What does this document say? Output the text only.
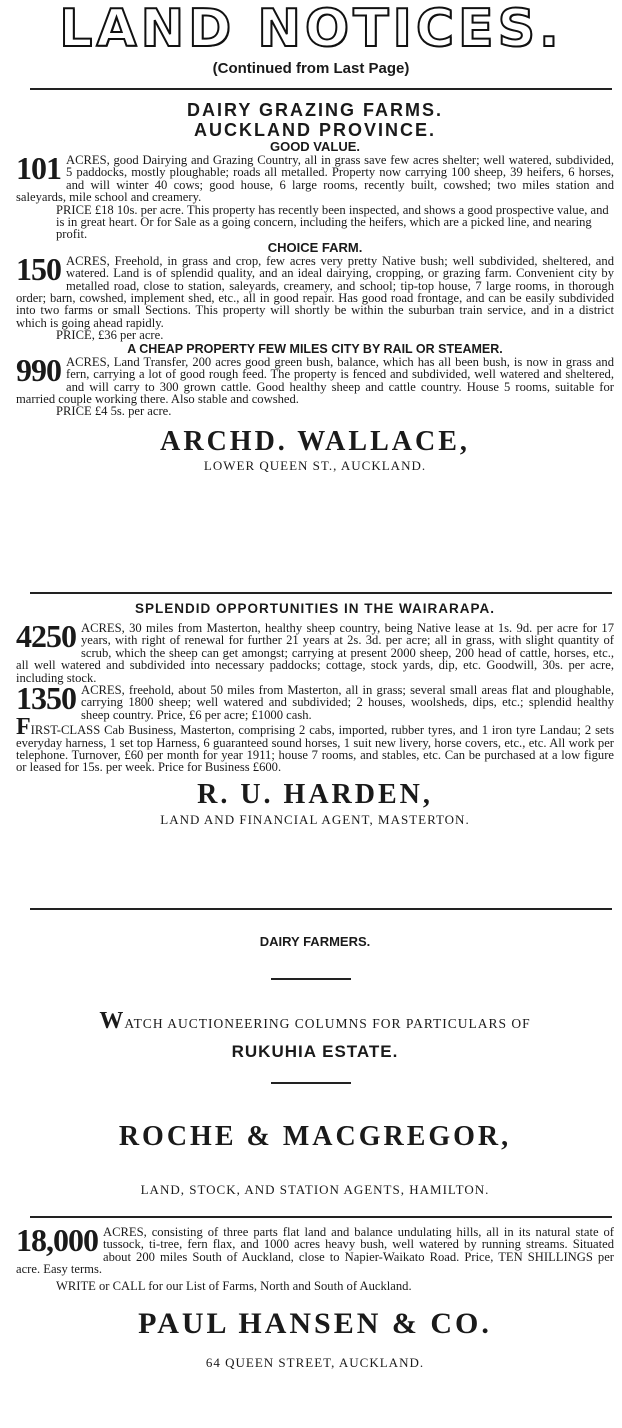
LAND NOTICES.
(Continued from Last Page)
DAIRY GRAZING FARMS.
AUCKLAND PROVINCE.
GOOD VALUE.
101 ACRES, good Dairying and Grazing Country, all in grass save few acres shelter; well watered, subdivided, 5 paddocks, mostly ploughable; roads all metalled. Property now carrying 100 sheep, 39 heifers, 6 horses, and will winter 40 cows; good house, 6 large rooms, recently built, cowshed; two miles station and saleyards, mile school and creamery.
PRICE £18 10s. per acre. This property has recently been inspected, and shows a good prospective value, and is in great heart. Or for Sale as a going concern, including the heifers, which are a picked line, and nearing profit.
CHOICE FARM.
150 ACRES, Freehold, in grass and crop, few acres very pretty Native bush; well subdivided, sheltered, and watered. Land is of splendid quality, and an ideal dairying, cropping, or grazing farm. Convenient city by metalled road, close to station, saleyards, creamery, and school; tip-top house, 7 large rooms, in thorough order; barn, cowshed, implement shed, etc., all in good repair. Has good road frontage, and can be easily subdivided into two farms or small Sections. This property will shortly be within the suburban train service, and in a district which is going ahead rapidly.
PRICE, £36 per acre.
A CHEAP PROPERTY FEW MILES CITY BY RAIL OR STEAMER.
990 ACRES, Land Transfer, 200 acres good green bush, balance, which has all been bush, is now in grass and fern, carrying a lot of good rough feed. The property is fenced and subdivided, well watered and sheltered, and will carry to 300 grown cattle. Good healthy sheep and cattle country. House 5 rooms, suitable for married couple working there. Also stable and cowshed.
PRICE £4 5s. per acre.
ARCHD. WALLACE,
LOWER QUEEN ST., AUCKLAND.
SPLENDID OPPORTUNITIES IN THE WAIRARAPA.
4250 ACRES, 30 miles from Masterton, healthy sheep country, being Native lease at 1s. 9d. per acre for 17 years, with right of renewal for further 21 years at 2s. 3d. per acre; all in grass, with slight quantity of scrub, which the sheep can get amongst; carrying at present 2000 sheep, 200 head of cattle, horses, etc., all well watered and subdivided into necessary paddocks; cottage, stock yards, dip, etc. Goodwill, 30s. per acre, including stock.
1350 ACRES, freehold, about 50 miles from Masterton, all in grass; several small areas flat and ploughable, carrying 1800 sheep; well watered and subdivided; 2 houses, woolsheds, dips, etc.; splendid healthy sheep country. Price, £6 per acre; £1000 cash.
FIRST-CLASS Cab Business, Masterton, comprising 2 cabs, imported, rubber tyres, and 1 iron tyre Landau; 2 sets everyday harness, 1 set top Harness, 6 guaranteed sound horses, 1 suit new livery, horse covers, etc., etc. All work per telephone. Turnover, £60 per month for year 1911; house 7 rooms, and stables, etc. Can be purchased at a low figure or leased for 15s. per week. Price for Business £600.
R. U. HARDEN,
LAND AND FINANCIAL AGENT, MASTERTON.
DAIRY FARMERS.
WATCH AUCTIONEERING COLUMNS FOR PARTICULARS OF
RUKUHIA ESTATE.
ROCHE & MACGREGOR,
LAND, STOCK, AND STATION AGENTS, HAMILTON.
18,000 ACRES, consisting of three parts flat land and balance undulating hills, all in its natural state of tussock, ti-tree, fern flax, and 1000 acres heavy bush, well watered by running streams. Situated about 200 miles South of Auckland, close to Napier-Waikato Road. Price, TEN SHILLINGS per acre. Easy terms.
WRITE or CALL for our List of Farms, North and South of Auckland.
PAUL HANSEN & CO.
64 QUEEN STREET, AUCKLAND.
